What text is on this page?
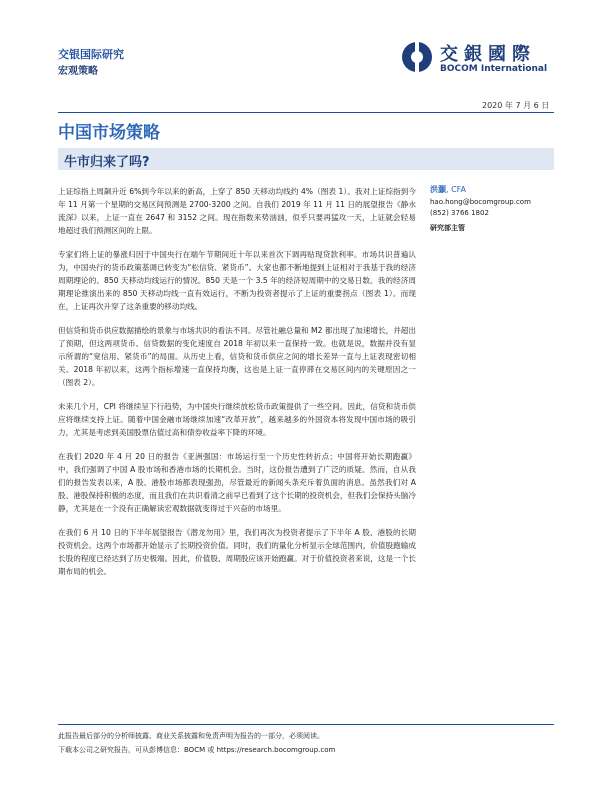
交银国际研究
宏观策略
交銀國際
BOCOM International
2020 年 7 月 6 日
中国市场策略
牛市归来了吗?

上证综指上周飙升近 6%到今年以来的新高，上穿了 850 天移动均线约 4%（图表 1）。我对上证综指到今年 11 月第一个星期的交易区间预测是 2700-3200 之间。自我们 2019 年 11 月 11 日的展望报告《静水流深》以来，上证一直在 2647 和 3152 之间。现在指数来势汹汹，似乎只要再猛攻一天，上证就会轻易地超过我们预测区间的上限。

专家们将上证的暴涨归因于中国央行在端午节期间近十年以来首次下调再贴现贷款利率。市场共识普遍认为，中国央行的货币政策基调已转变为“松信贷、紧货币”。大家也都不断地提到上证相对于我基于我的经济周期理论的、850 天移动均线运行的情况。850 天是一个 3.5 年的经济短周期中的交易日数。我的经济周期理论推演出来的 850 天移动均线一直有效运行，不断为投资者提示了上证的重要拐点（图表 1）。而现在，上证再次升穿了这条重要的移动均线。

但信贷和货币供应数据描绘的景象与市场共识的看法不同。尽管社融总量和 M2 都出现了加速增长，并超出了预期，但这两项货币、信贷数据的变化速度自 2018 年初以来一直保持一致。也就是说，数据并没有显示所谓的“宽信用、紧货币”的局面。从历史上看，信贷和货币供应之间的增长差异一直与上证表现密切相关。2018 年初以来，这两个指标增速一直保持均衡，这也是上证一直停滞在交易区间内的关键原因之一（图表 2）。

未来几个月，CPI 将继续呈下行趋势，为中国央行继续放松货币政策提供了一些空间。因此，信贷和货币供应将继续支持上证。随着中国金融市场继续加速“改革开放”，越来越多的外国资本将发现中国市场的吸引力，尤其是考虑到美国股票估值过高和债券收益率下降的环境。

在我们 2020 年 4 月 20 日的报告《亚洲强国：市场运行至一个历史性转折点；中国将开始长期跑赢》中，我们强调了中国 A 股市场和香港市场的长期机会。当时，这份报告遭到了广泛的质疑。然而，自从我们的报告发表以来，A 股、港股市场都表现强劲，尽管最近的新闻头条充斥着负面的消息。虽然我们对 A 股、港股保持积极的态度，而且我们在共识看清之前早已看到了这个长期的投资机会，但我们会保持头脑冷静，尤其是在一个没有正确解读宏观数据就变得过于兴奋的市场里。

在我们 6 月 10 日的下半年展望报告《潜龙勿用》里，我们再次为投资者提示了下半年 A 股、港股的长期投资机会。这两个市场都开始显示了长期投资价值。同时，我们的量化分析显示全球范围内，价值股跑输成长股的程度已经达到了历史极端。因此，价值股、周期股应该开始跑赢。对于价值投资者来说，这是一个长期布局的机会。

洪灝, CFA
hao.hong@bocomgroup.com
(852) 3766 1802
研究部主管
此报告最后部分的分析师披露、商业关系披露和免责声明为报告的一部分，必须阅读。
下载本公司之研究报告，可从彭博信息：BOCM 或 https://research.bocomgroup.com
